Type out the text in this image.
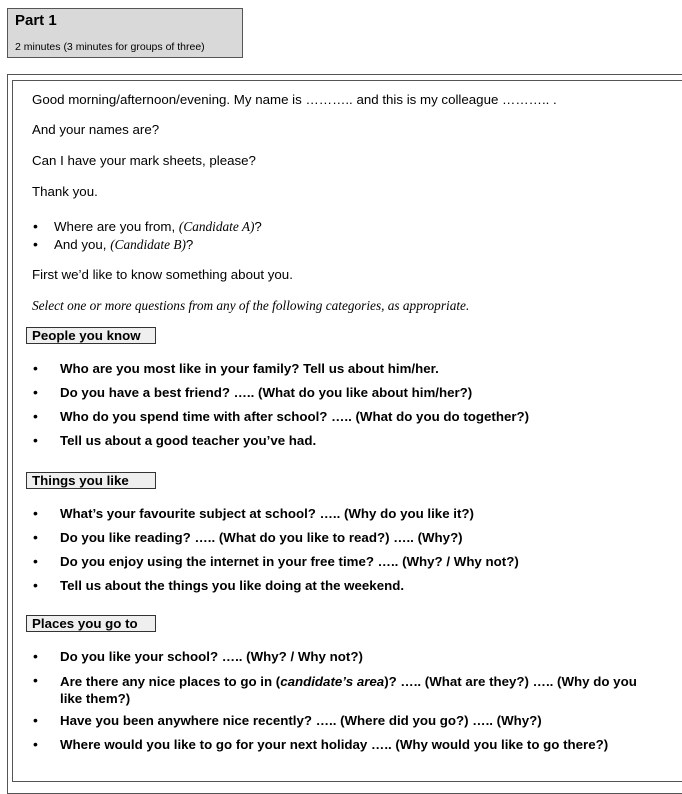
Part 1
2 minutes (3 minutes for groups of three)
Good morning/afternoon/evening. My name is ……….. and this is my colleague ……….. .
And your names are?
Can I have your mark sheets, please?
Thank you.
• Where are you from, (Candidate A)?
• And you, (Candidate B)?
First we’d like to know something about you.
Select one or more questions from any of the following categories, as appropriate.
People you know
• Who are you most like in your family? Tell us about him/her.
• Do you have a best friend? ….. (What do you like about him/her?)
• Who do you spend time with after school? ….. (What do you do together?)
• Tell us about a good teacher you’ve had.
Things you like
• What’s your favourite subject at school? ….. (Why do you like it?)
• Do you like reading? ….. (What do you like to read?) ….. (Why?)
• Do you enjoy using the internet in your free time? ….. (Why? / Why not?)
• Tell us about the things you like doing at the weekend.
Places you go to
• Do you like your school? ….. (Why? / Why not?)
• Are there any nice places to go in (candidate’s area)? ….. (What are they?) ….. (Why do you like them?)
• Have you been anywhere nice recently? ….. (Where did you go?) ….. (Why?)
• Where would you like to go for your next holiday ….. (Why would you like to go there?)
